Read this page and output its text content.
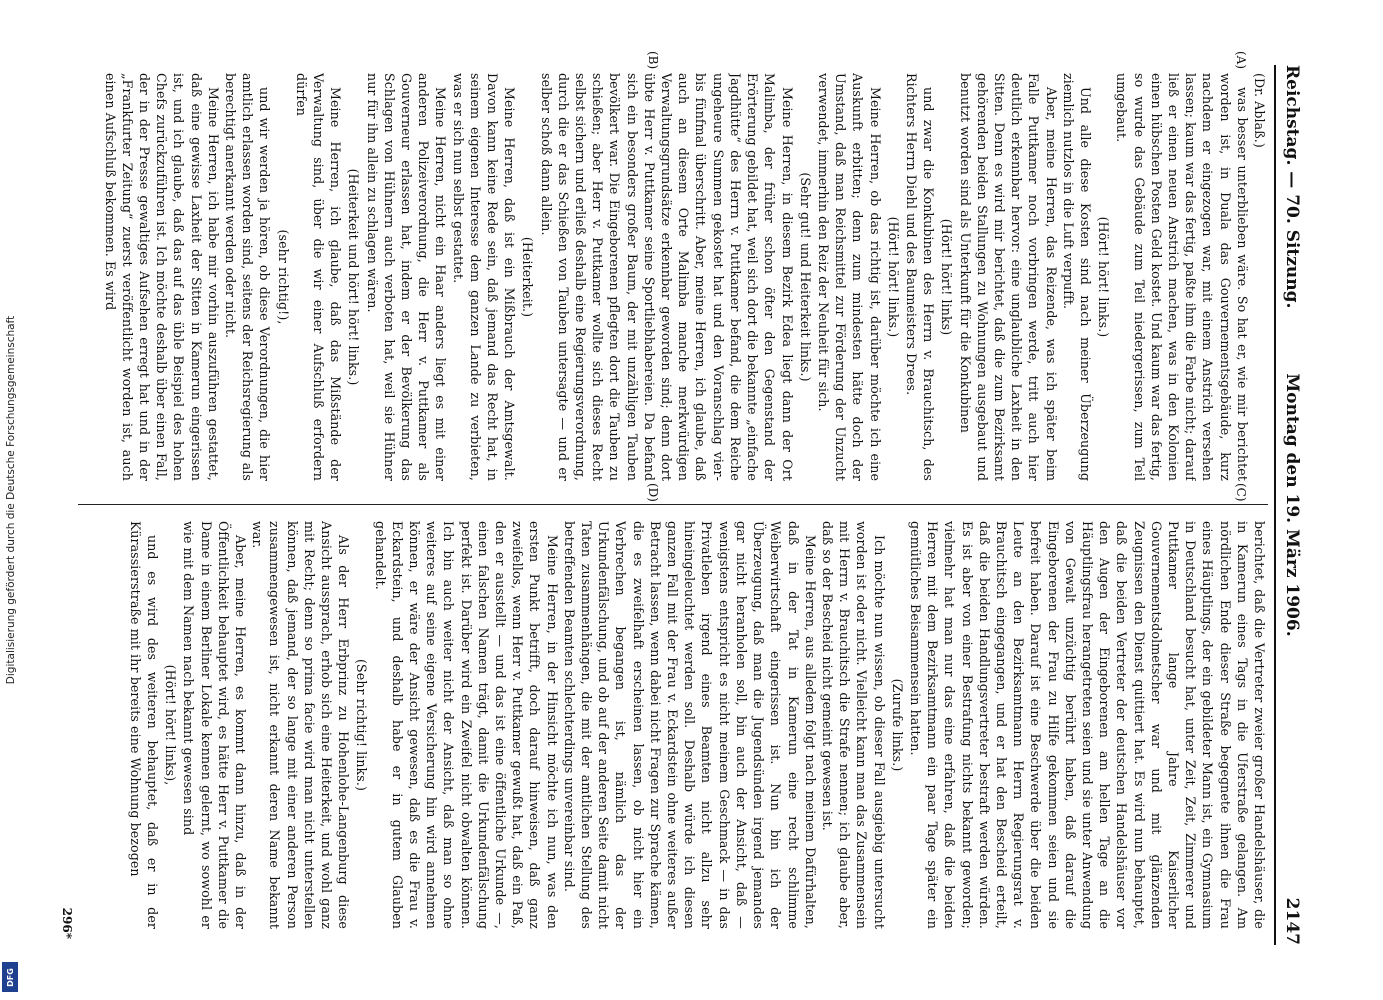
Digitalisierung gefördert durch die Deutsche Forschungsgemeinschaft
DFG
Reichstag. — 70. Sitzung.
Montag den 19. März 1906.
2147
(A)
(B)
(C)
(D)
(Dr. Ablaß.)

was besser unterblieben wäre. So hat er, wie mir berichtet worden ist, in Duala das Gouvernementsgebäude, kurz nachdem er eingezogen war, mit einem Anstrich versehen lassen; kaum war das fertig, paßte ihm die Farbe nicht; darauf ließ er einen neuen Anstrich machen, was in den Kolonien einen hübschen Posten Geld kostet. Und kaum war das fertig, so wurde das Gebäude zum Teil niedergerissen, zum Teil umgebaut.

(Hört! hört! links.)

Und alle diese Kosten sind nach meiner Überzeugung ziemlich nutzlos in die Luft verpufft.

Aber, meine Herren, das Reizende, was ich später beim Falle Puttkamer noch vorbringen werde, tritt auch hier deutlich erkennbar hervor: eine unglaubliche Laxheit in den Sitten. Denn es wird mir berichtet, daß die zum Bezirksamt gehörenden beiden Stallungen zu Wohnungen ausgebaut und benutzt worden sind als Unterkunft für die Konkubinen

(Hört! hört! links)

und zwar die Konkubinen des Herrn v. Brauchitsch, des Richters Herrn Diehl und des Baumeisters Drees.

(Hört! hört! links.)

Meine Herren, ob das richtig ist, darüber möchte ich eine Auskunft erbitten; denn zum mindesten hätte doch der Umstand, daß man Reichsmittel zur Förderung der Unzucht verwendet, immerhin den Reiz der Neuheit für sich.

(Sehr gut! und Heiterkeit links.)

Meine Herren, in diesem Bezirk Edea liegt dann der Ort Malimba, der früher schon öfter den Gegenstand der Erörterung gebildet hat, weil sich dort die bekannte „einfache Jagdhütte“ des Herrn v. Puttkamer befand, die dem Reiche ungeheure Summen gekostet hat und den Voranschlag vier- bis fünfmal überschritt. Aber, meine Herren, ich glaube, daß auch an diesem Orte Malimba manche merkwürdigen Verwaltungsgrundsätze erkennbar geworden sind; denn dort übte Herr v. Puttkamer seine Sportliebhabereien. Da befand sich ein besonders großer Baum, der mit unzähligen Tauben bevölkert war. Die Eingeborenen pflegten dort die Tauben zu schießen; aber Herr v. Puttkamer wollte sich dieses Recht selbst sichern und erließ deshalb eine Regierungsverordnung, durch die er das Schießen von Tauben untersagte — und er selber schoß dann allein.

(Heiterkeit.)

Meine Herren, daß ist ein Mißbrauch der Amtsgewalt. Davon kann keine Rede sein, daß jemand das Recht hat, in seinem eigenen Interesse dem ganzen Lande zu verbieten, was er sich nun selbst gestattet.

Meine Herren, nicht ein Haar anders liegt es mit einer anderen Polizeiverordnung, die Herr v. Puttkamer als Gouverneur erlassen hat, indem er der Bevölkerung das Schlagen von Hühnern auch verboten hat, weil sie Hühner nur für ihn allein zu schlagen wären.

(Heiterkeit und hört! hört! links.)

Meine Herren, ich glaube, daß das Mißstände der Verwaltung sind, über die wir einer Aufschluß erfordern dürfen

(sehr richtig!),

und wir werden ja hören, ob diese Verordnungen, die hier amtlich erlassen worden sind, seitens der Reichsregierung als berechtigt anerkannt werden oder nicht.

Meine Herren, ich habe mir vorhin auszuführen gestattet, daß eine gewisse Laxheit der Sitten in Kamerun eingerissen ist, und ich glaube, daß das auf das üble Beispiel des hohen Chefs zurückzuführen ist. Ich möchte deshalb über einen Fall, der in der Presse gewaltiges Aufsehen erregt hat und in der „Frankfurter Zeitung“ zuerst veröffentlicht worden ist, auch einen Aufschluß bekommen. Es wird

berichtet, daß die Vertreter zweier großer Handelshäuser, die in Kamerun eines Tags in die Uferstraße gelangen. Am nördlichen Ende dieser Straße begegnete ihnen die Frau eines Häuptlings, der ein gebildeter Mann ist, ein Gymnasium in Deutschland besucht hat, unter Zeit, Zeit, Zimmerer und Puttkamer lange Jahre Kaiserlicher Gouvernementsdolmetscher war und mit glänzenden Zeugnissen den Dienst quittiert hat. Es wird nun behauptet, daß die beiden Vertreter der deutschen Handelshäuser vor den Augen der Eingeborenen am hellen Tage an die Häuptlingsfrau herangetreten seien und sie unter Anwendung von Gewalt unzüchtig berührt haben, daß darauf die Eingeborenen der Frau zu Hilfe gekommen seien und sie befreit haben. Darauf ist eine Beschwerde über die beiden Leute an den Bezirksamtmann Herrn Regierungsrat v. Brauchitsch eingegangen, und er hat den Bescheid erteilt, daß die beiden Handlungsvertreter bestraft werden würden. Es ist aber von einer Bestrafung nichts bekannt geworden; vielmehr hat man nur das eine erfahren, daß die beiden Herren mit dem Bezirksamtmann ein paar Tage später ein gemütliches Beisammensein hatten.

(Zurufe links.)

Ich möchte nun wissen, ob dieser Fall ausgiebig untersucht worden ist oder nicht. Vielleicht kann man das Zusammensein mit Herrn v. Brauchitsch die Strafe nennen; ich glaube aber, daß so der Bescheid nicht gemeint gewesen ist.

Meine Herren, aus alledem folgt nach meinem Dafürhalten, daß in der Tat in Kamerun eine recht schlimme Weiberwirtschaft eingerissen ist. Nun bin ich der Überzeugung, daß man die Jugendsünden irgend jemandes gar nicht heranholen soll, bin auch der Ansicht, daß — wenigstens entspricht es nicht meinem Geschmack — in das Privatleben irgend eines Beamten nicht allzu sehr hineingeleuchtet werden soll. Deshalb würde ich diesen ganzen Fall mit der Frau v. Eckardstein ohne weiteres außer Betracht lassen, wenn dabei nicht Fragen zur Sprache kämen, die es zweifelhaft erscheinen lassen, ob nicht hier ein Verbrechen begangen ist, nämlich das der Urkundenfälschung, und ob auf der anderen Seite damit nicht Taten zusammenhängen, die mit der amtlichen Stellung des betreffenden Beamten schlechterdings unvereinbar sind.

Meine Herren, in der Hinsicht möchte ich nun, was den ersten Punkt betrifft, doch darauf hinweisen, daß ganz zweifellos, wenn Herr v. Puttkamer gewußt hat, daß ein Paß, den er ausstellt — und das ist eine öffentliche Urkunde —, einen falschen Namen trägt, damit die Urkundenfälschung perfekt ist. Darüber wird ein Zweifel nicht obwalten können. Ich bin auch weiter nicht der Ansicht, daß man so ohne weiteres auf seine eigene Versicherung hin wird annehmen können, er wäre der Ansicht gewesen, daß es die Frau v. Eckardstein, und deshalb habe er in gutem Glauben gehandelt.

(Sehr richtig! links.)

Als der Herr Erbprinz zu Hohenlohe-Langenburg diese Ansicht aussprach, erhob sich eine Heiterkeit, und wohl ganz mit Recht; denn so prima facie wird man nicht unterstellen können, daß jemand, der so lange mit einer anderen Person zusammengewesen ist, nicht erkannt deren Name bekannt war.

Aber, meine Herren, es kommt dann hinzu, daß in der Öffentlichkeit behauptet wird, es hätte Herr v. Puttkamer die Dame in einem Berliner Lokale kennen gelernt, wo sowohl er wie mit dem Namen nach bekannt gewesen sind

(Hört! hört! links),

und es wird des weiteren behauptet, daß er in der Kürassierstraße mit ihr bereits eine Wohnung bezogen

296*
